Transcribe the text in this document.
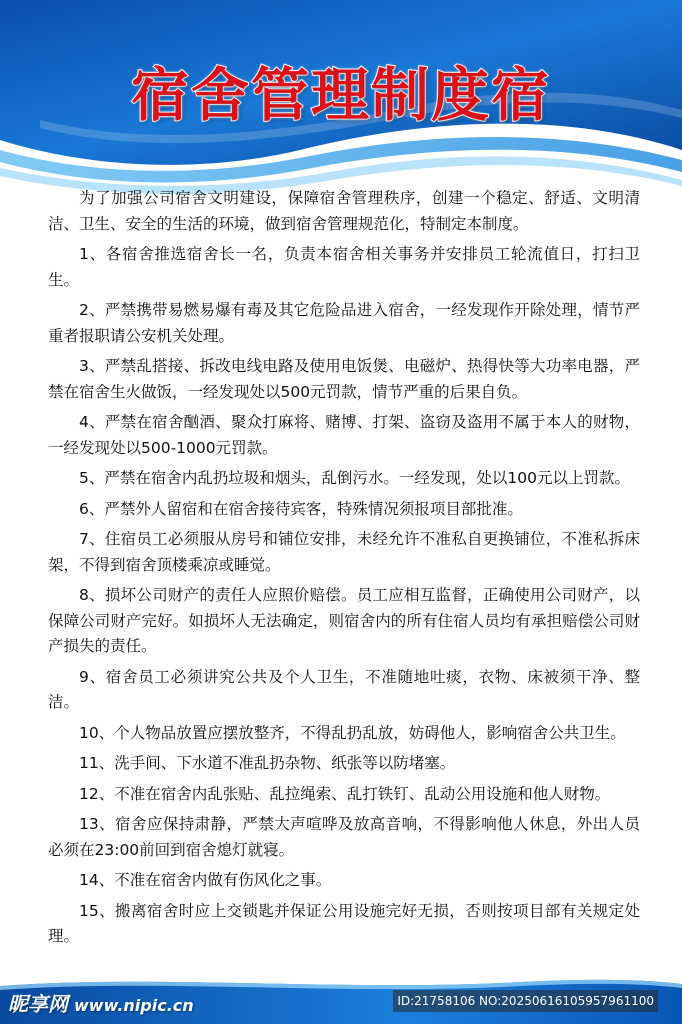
宿舍管理制度宿

为了加强公司宿舍文明建设，保障宿舍管理秩序，创建一个稳定、舒适、文明清洁、卫生、安全的生活的环境，做到宿舍管理规范化，特制定本制度。

1、各宿舍推选宿舍长一名，负责本宿舍相关事务并安排员工轮流值日，打扫卫生。

2、严禁携带易燃易爆有毒及其它危险品进入宿舍，一经发现作开除处理，情节严重者报职请公安机关处理。

3、严禁乱搭接、拆改电线电路及使用电饭煲、电磁炉、热得快等大功率电器，严禁在宿舍生火做饭，一经发现处以500元罚款，情节严重的后果自负。

4、严禁在宿舍酗酒、聚众打麻将、赌博、打架、盗窃及盗用不属于本人的财物，一经发现处以500-1000元罚款。

5、严禁在宿舍内乱扔垃圾和烟头，乱倒污水。一经发现，处以100元以上罚款。

6、严禁外人留宿和在宿舍接待宾客，特殊情况须报项目部批准。

7、住宿员工必须服从房号和铺位安排，未经允许不准私自更换铺位，不准私拆床架，不得到宿舍顶楼乘凉或睡觉。

8、损坏公司财产的责任人应照价赔偿。员工应相互监督，正确使用公司财产，以保障公司财产完好。如损坏人无法确定，则宿舍内的所有住宿人员均有承担赔偿公司财产损失的责任。

9、宿舍员工必须讲究公共及个人卫生，不准随地吐痰，衣物、床被须干净、整洁。

10、个人物品放置应摆放整齐，不得乱扔乱放，妨碍他人，影响宿舍公共卫生。

11、洗手间、下水道不准乱扔杂物、纸张等以防堵塞。

12、不准在宿舍内乱张贴、乱拉绳索、乱打铁钉、乱动公用设施和他人财物。

13、宿舍应保持肃静，严禁大声喧哗及放高音响，不得影响他人休息，外出人员必须在23:00前回到宿舍熄灯就寝。

14、不准在宿舍内做有伤风化之事。

15、搬离宿舍时应上交锁匙并保证公用设施完好无损，否则按项目部有关规定处理。

昵享网 www.nipic.cn	ID:21758106 NO:20250616105957961100
